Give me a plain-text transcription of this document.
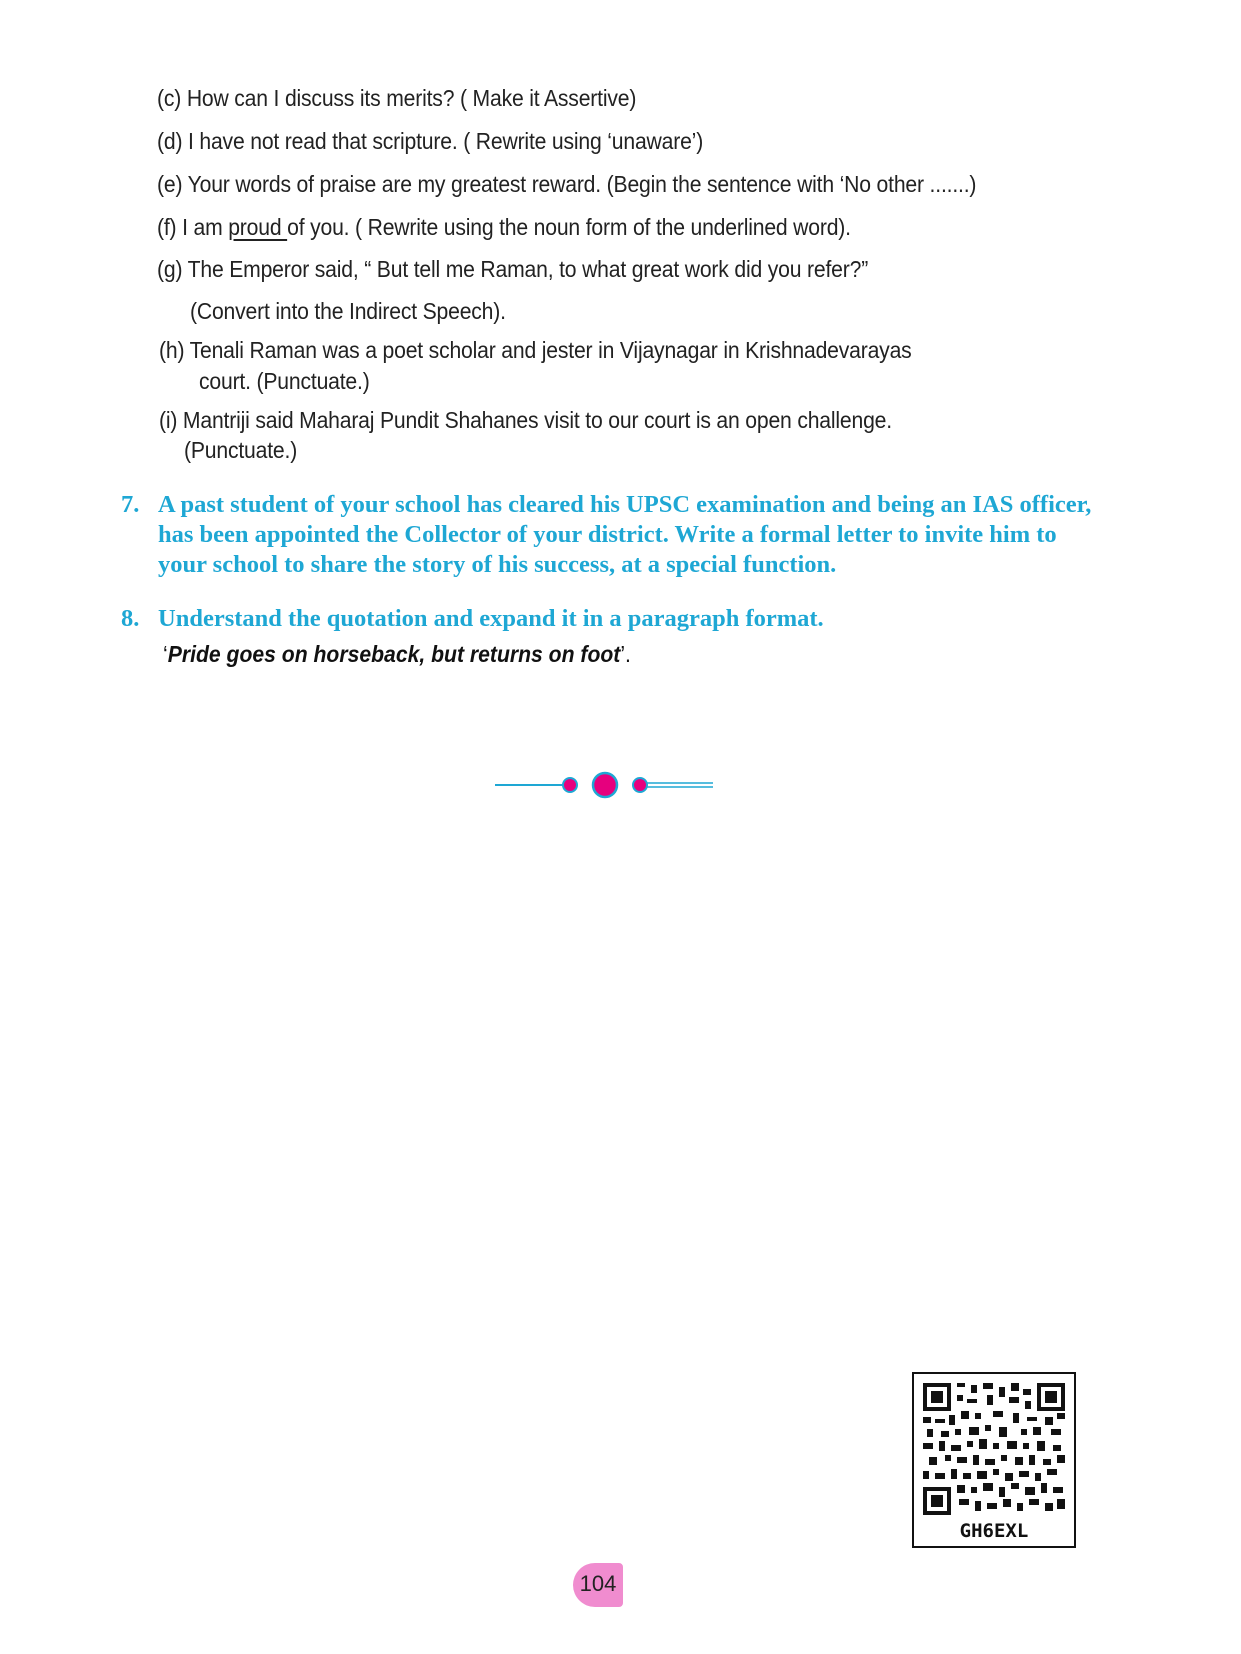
(c) How can I discuss its merits? ( Make it Assertive)
(d) I have not read that scripture. ( Rewrite using ‘unaware’)
(e) Your words of praise are my greatest reward. (Begin the sentence with ‘No other .......)
(f) I am proud of you. ( Rewrite using the noun form of the underlined word).
(g) The Emperor said, “ But tell me Raman, to what great work did you refer?”
(Convert into the Indirect Speech).
(h) Tenali Raman was a poet scholar and jester in Vijaynagar in Krishnadevarayas
court. (Punctuate.)
(i) Mantriji said Maharaj Pundit Shahanes visit to our court is an open challenge.
(Punctuate.)
7. A past student of your school has cleared his UPSC examination and being an IAS officer, has been appointed the Collector of your district. Write a formal letter to invite him to your school to share the story of his success, at a special function.
8. Understand the quotation and expand it in a paragraph format.
‘Pride goes on horseback, but returns on foot’.
GH6EXL
104
